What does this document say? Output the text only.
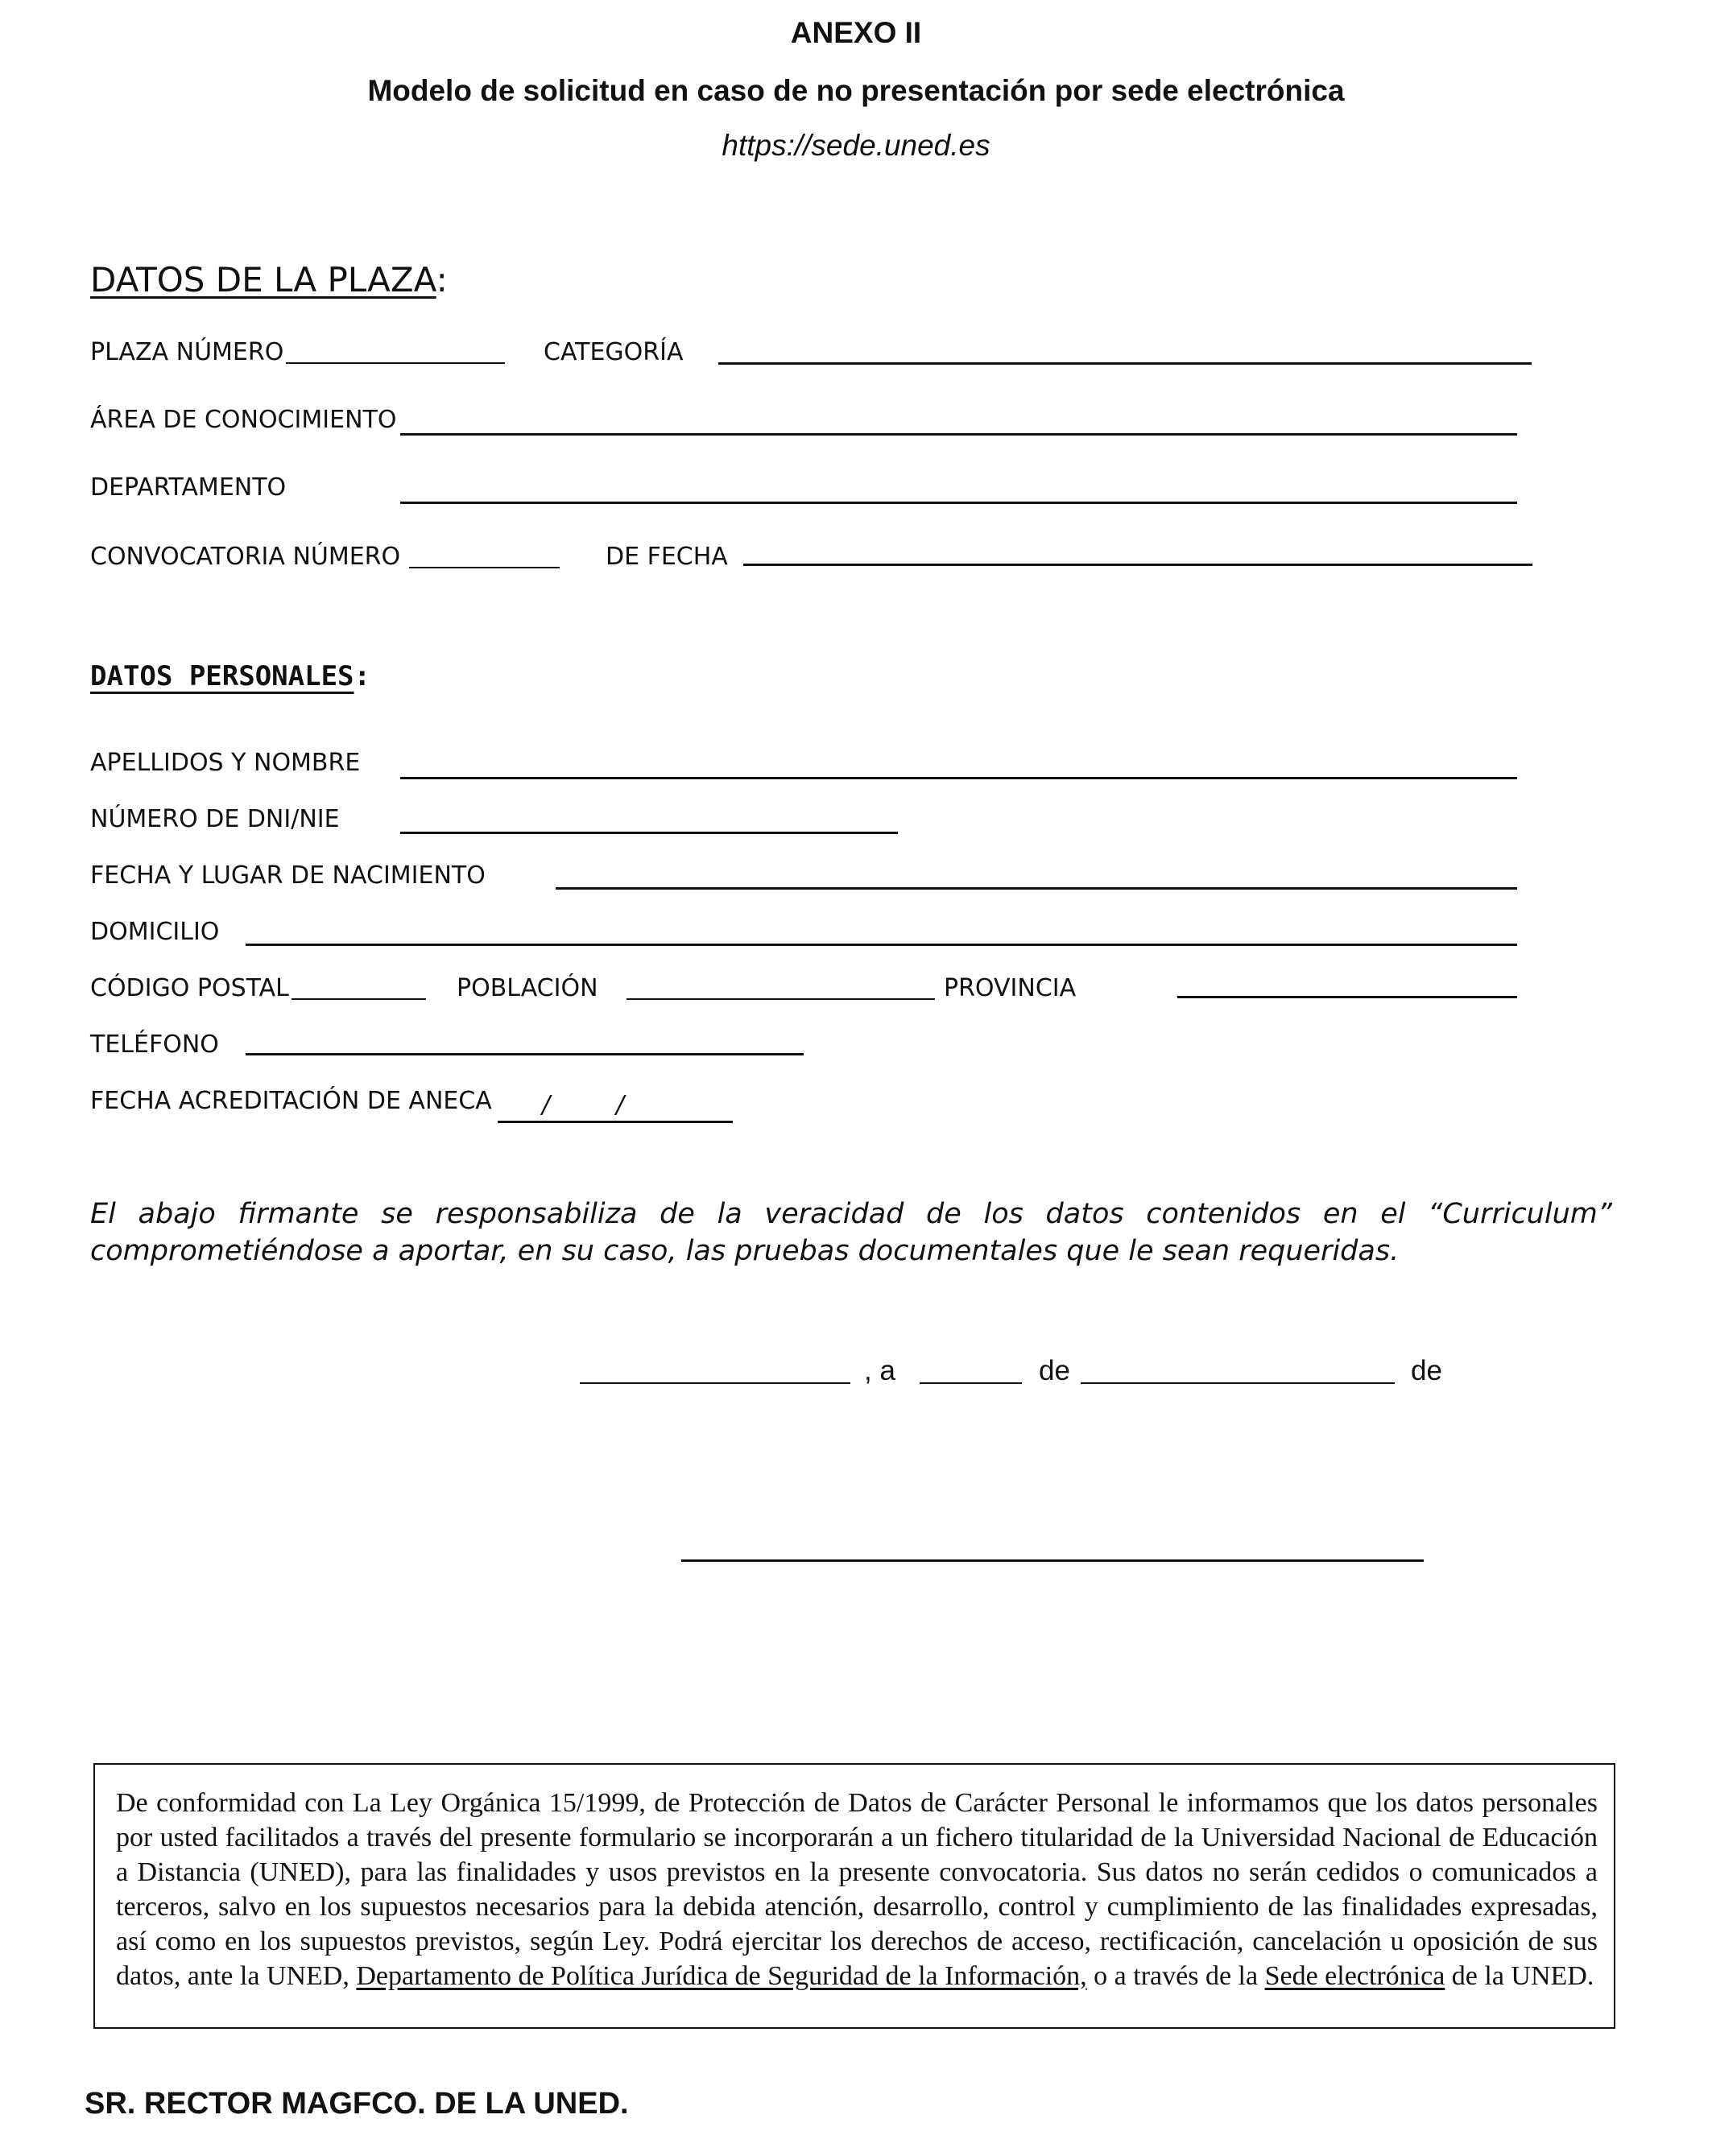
ANEXO II
Modelo de solicitud en caso de no presentación por sede electrónica
https://sede.uned.es
DATOS DE LA PLAZA:
PLAZA NÚMERO	CATEGORÍA
ÁREA DE CONOCIMIENTO
DEPARTAMENTO
CONVOCATORIA NÚMERO	DE FECHA
DATOS PERSONALES:
APELLIDOS Y NOMBRE
NÚMERO DE DNI/NIE
FECHA Y LUGAR DE NACIMIENTO
DOMICILIO
CÓDIGO POSTAL	POBLACIÓN	PROVINCIA
TELÉFONO
FECHA ACREDITACIÓN DE ANECA /	/
El abajo firmante se responsabiliza de la veracidad de los datos contenidos en el “Curriculum” comprometiéndose a aportar, en su caso, las pruebas documentales que le sean requeridas.
, a	de	de
De conformidad con La Ley Orgánica 15/1999, de Protección de Datos de Carácter Personal le informamos que los datos personales por usted facilitados a través del presente formulario se incorporarán a un fichero titularidad de la Universidad Nacional de Educación a Distancia (UNED), para las finalidades y usos previstos en la presente convocatoria. Sus datos no serán cedidos o comunicados a terceros, salvo en los supuestos necesarios para la debida atención, desarrollo, control y cumplimiento de las finalidades expresadas, así como en los supuestos previstos, según Ley. Podrá ejercitar los derechos de acceso, rectificación, cancelación u oposición de sus datos, ante la UNED, Departamento de Política Jurídica de Seguridad de la Información, o a través de la Sede electrónica de la UNED.
SR. RECTOR MAGFCO. DE LA UNED.
